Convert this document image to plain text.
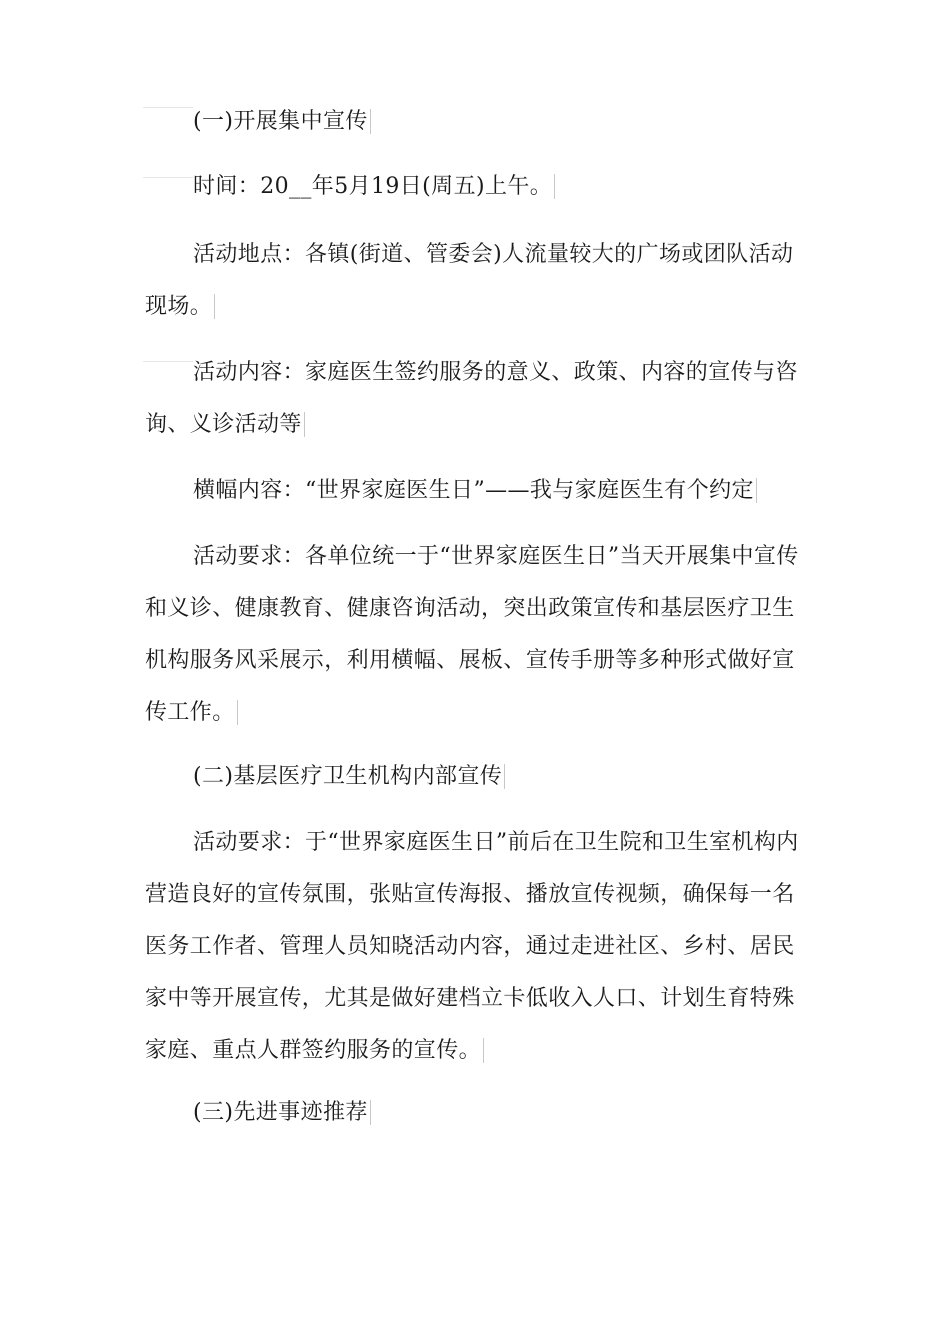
(一)开展集中宣传

时间：20__年5月19日(周五)上午。

活动地点：各镇(街道、管委会)人流量较大的广场或团队活动现场。

活动内容：家庭医生签约服务的意义、政策、内容的宣传与咨询、义诊活动等

横幅内容：“世界家庭医生日”——我与家庭医生有个约定

活动要求：各单位统一于“世界家庭医生日”当天开展集中宣传和义诊、健康教育、健康咨询活动，突出政策宣传和基层医疗卫生机构服务风采展示，利用横幅、展板、宣传手册等多种形式做好宣传工作。

(二)基层医疗卫生机构内部宣传

活动要求：于“世界家庭医生日”前后在卫生院和卫生室机构内营造良好的宣传氛围，张贴宣传海报、播放宣传视频，确保每一名医务工作者、管理人员知晓活动内容，通过走进社区、乡村、居民家中等开展宣传，尤其是做好建档立卡低收入人口、计划生育特殊家庭、重点人群签约服务的宣传。

(三)先进事迹推荐
